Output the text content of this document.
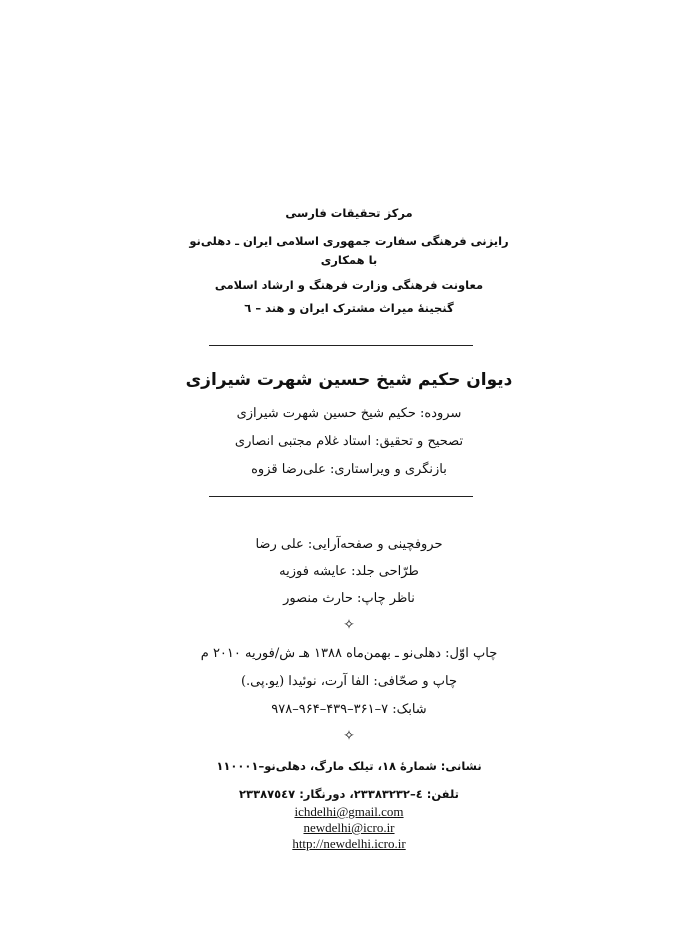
مرکز تحقیقات فارسی
رایزنی فرهنگی سفارت جمهوری اسلامی ایران ـ دهلی‌نو
با همکاری
معاونت فرهنگی وزارت فرهنگ و ارشاد اسلامی
گنجینهٔ میراث مشترک ایران و هند – ٦
دیوان حکیم شیخ حسین شهرت شیرازی
سروده: حکیم شیخ حسین شهرت شیرازی
تصحیح و تحقیق: استاد غلام مجتبی انصاری
بازنگری و ویراستاری: علی‌رضا قزوه
حروفچینی و صفحه‌آرایی: علی رضا
طرّاحی جلد: عایشه فوزیه
ناظر چاپ: حارث منصور
✧
چاپ اوّل: دهلی‌نو ـ بهمن‌ماه ۱۳۸۸ هـ ش/فوریه ۲۰۱۰ م
چاپ و صحّافی: الفا آرت، نوئیدا (یو.پی.)
شابک: ۷–۳۶۱–۴۳۹–۹۶۴–۹۷۸
✧
نشانی: شمارهٔ ۱۸، تیلک مارگ، دهلی‌نو–۱۱۰۰۰۱
تلفن: ٤–٢٣٣٨٣٢٣٢، دورنگار: ٢٣٣٨٧٥٤٧
ichdelhi@gmail.com
newdelhi@icro.ir
http://newdelhi.icro.ir
